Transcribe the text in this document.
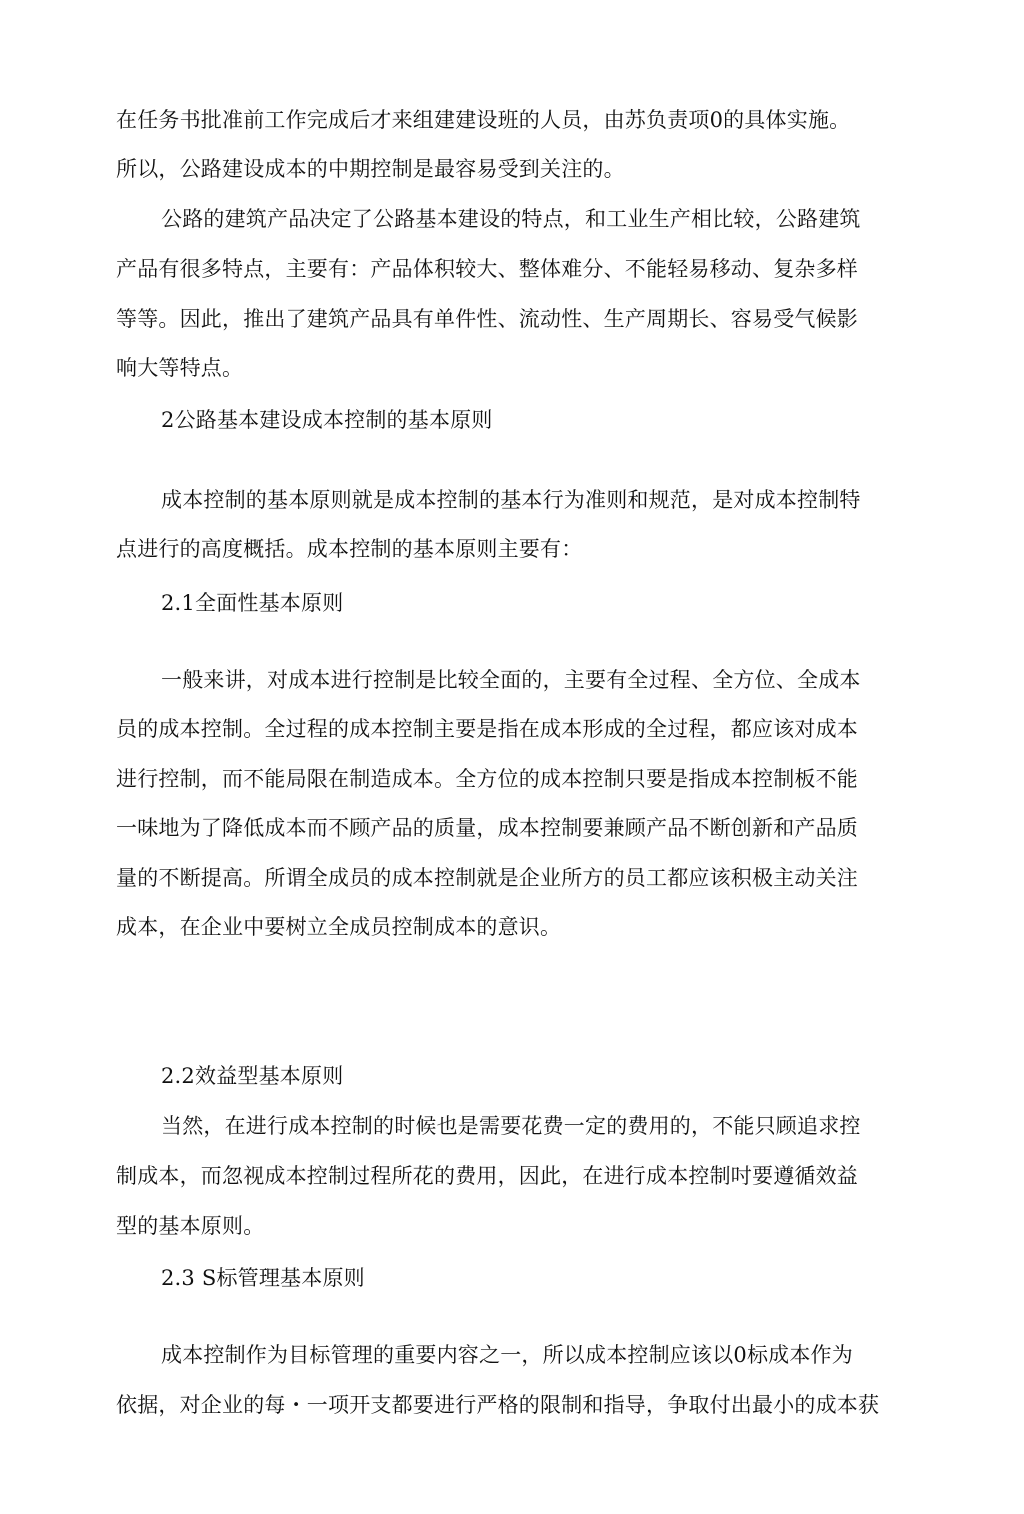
在任务书批准前工作完成后才来组建建设班的人员，由苏负责项0的具体实施。

所以，公路建设成本的中期控制是最容易受到关注的。

公路的建筑产品决定了公路基本建设的特点，和工业生产相比较，公路建筑

产品有很多特点，主要有：产品体积较大、整体难分、不能轻易移动、复杂多样

等等。因此，推出了建筑产品具有单件性、流动性、生产周期长、容易受气候影

响大等特点。

2公路基本建设成本控制的基本原则

成本控制的基本原则就是成本控制的基本行为准则和规范，是对成本控制特

点进行的高度概括。成本控制的基本原则主要有：

2.1全面性基本原则

一般来讲，对成本进行控制是比较全面的，主要有全过程、全方位、全成本

员的成本控制。全过程的成本控制主要是指在成本形成的全过程，都应该对成本

进行控制，而不能局限在制造成本。全方位的成本控制只要是指成本控制板不能

一味地为了降低成本而不顾产品的质量，成本控制要兼顾产品不断创新和产品质

量的不断提高。所谓全成员的成本控制就是企业所方的员工都应该积极主动关注

成本，在企业中要树立全成员控制成本的意识。

2.2效益型基本原则

当然，在进行成本控制的时候也是需要花费一定的费用的，不能只顾追求控

制成本，而忽视成本控制过程所花的费用，因此，在进行成本控制吋要遵循效益

型的基本原则。

2.3 S标管理基本原则

成本控制作为目标管理的重要内容之一，所以成本控制应该以0标成本作为

依据，对企业的每・一项开支都要进行严格的限制和指导，争取付出最小的成本获
